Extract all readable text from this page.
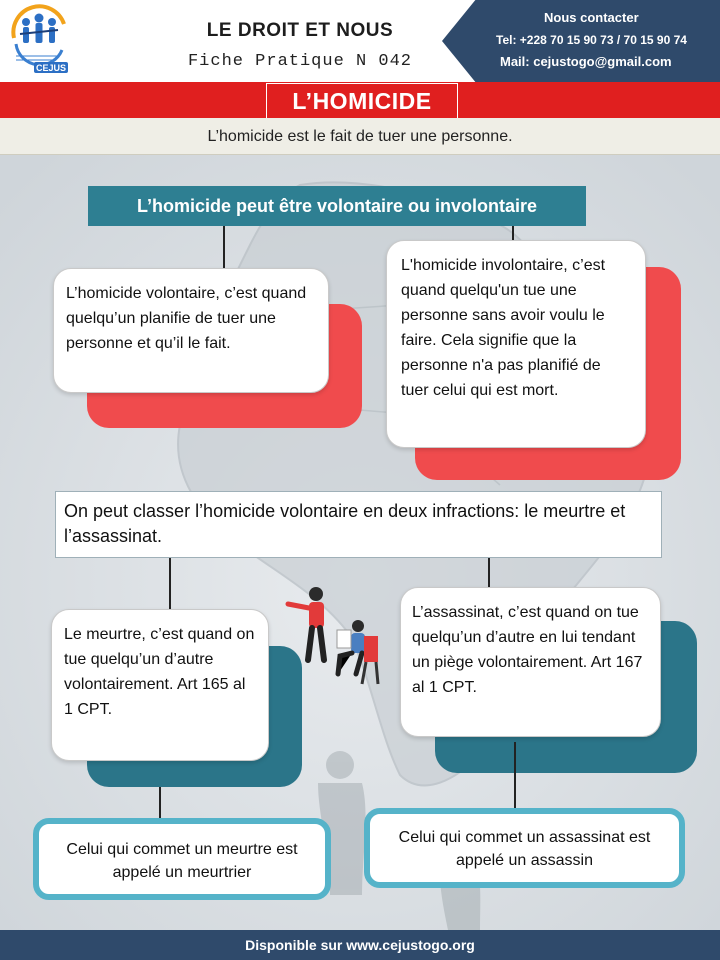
CEJUS
LE DROIT ET NOUS
Fiche Pratique N 042
Nous contacter
Tel: +228 70 15 90 73 / 70 15 90 74
Mail: cejustogo@gmail.com
L’HOMICIDE
L’homicide est le fait de tuer une personne.
L’homicide peut être volontaire ou involontaire
L’homicide volontaire, c’est quand quelqu’un planifie de tuer une personne et qu’il le fait.
L'homicide involontaire, c’est quand quelqu'un tue une personne sans avoir voulu le faire. Cela signifie que la personne n'a pas planifié de tuer celui qui est mort.
On peut classer l’homicide volontaire en deux infractions: le meurtre et l’assassinat.
Le meurtre, c’est quand on tue quelqu’un d’autre volontairement. Art 165 al 1 CPT.
L’assassinat, c’est quand on tue quelqu’un d’autre en lui tendant un piège volontairement. Art 167 al 1 CPT.
Celui qui commet un meurtre est appelé un meurtrier
Celui qui commet un assassinat est appelé un assassin
Disponible sur www.cejustogo.org
